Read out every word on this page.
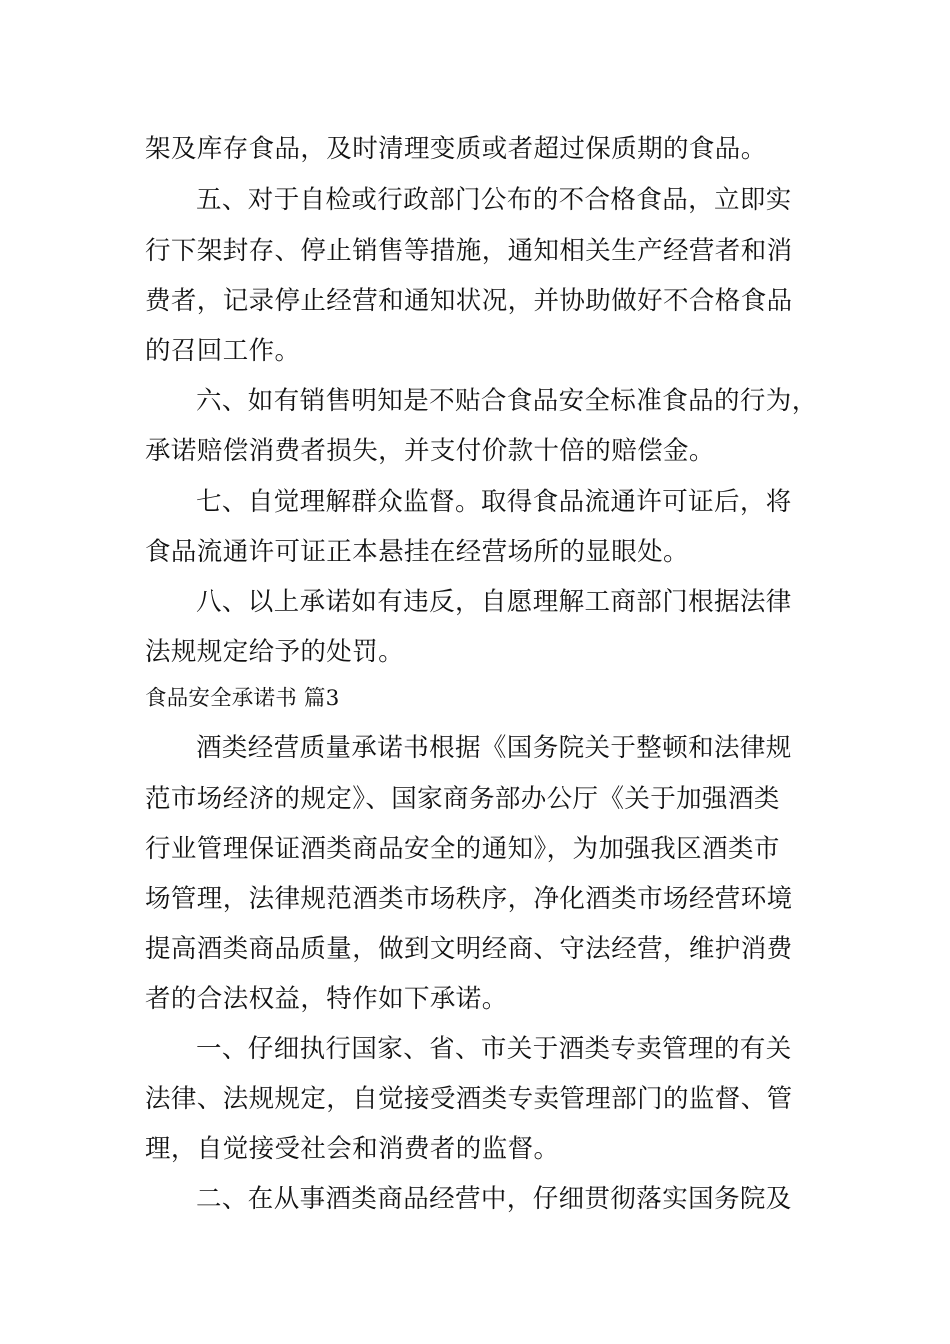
架及库存食品，及时清理变质或者超过保质期的食品。
五、对于自检或行政部门公布的不合格食品，立即实
行下架封存、停止销售等措施，通知相关生产经营者和消
费者，记录停止经营和通知状况，并协助做好不合格食品
的召回工作。
六、如有销售明知是不贴合食品安全标准食品的行为，
承诺赔偿消费者损失，并支付价款十倍的赔偿金。
七、自觉理解群众监督。取得食品流通许可证后，将
食品流通许可证正本悬挂在经营场所的显眼处。
八、以上承诺如有违反，自愿理解工商部门根据法律
法规规定给予的处罚。
食品安全承诺书 篇3
酒类经营质量承诺书根据《国务院关于整顿和法律规
范市场经济的规定》、国家商务部办公厅《关于加强酒类
行业管理保证酒类商品安全的通知》，为加强我区酒类市
场管理，法律规范酒类市场秩序，净化酒类市场经营环境
提高酒类商品质量，做到文明经商、守法经营，维护消费
者的合法权益，特作如下承诺。
一、仔细执行国家、省、市关于酒类专卖管理的有关
法律、法规规定，自觉接受酒类专卖管理部门的监督、管
理，自觉接受社会和消费者的监督。
二、在从事酒类商品经营中，仔细贯彻落实国务院及
